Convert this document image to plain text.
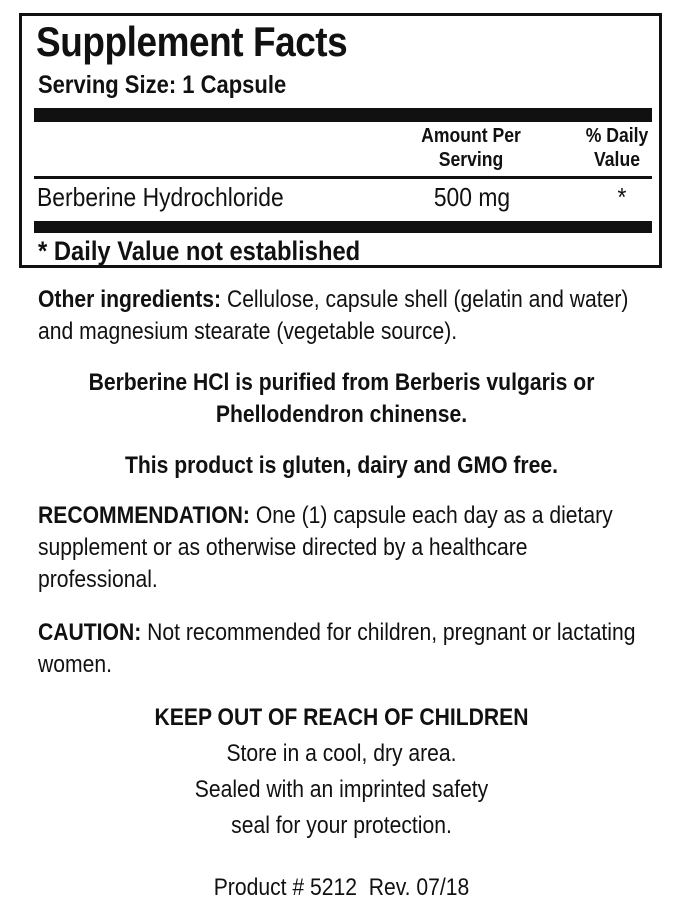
Supplement Facts
Serving Size: 1 Capsule
Amount Per
Serving
% Daily
Value
Berberine Hydrochloride	500 mg	*
* Daily Value not established
Other ingredients: Cellulose, capsule shell (gelatin and water) and magnesium stearate (vegetable source).
Berberine HCl is purified from Berberis vulgaris or Phellodendron chinense.
This product is gluten, dairy and GMO free.
RECOMMENDATION: One (1) capsule each day as a dietary supplement or as otherwise directed by a healthcare professional.
CAUTION: Not recommended for children, pregnant or lactating women.
KEEP OUT OF REACH OF CHILDREN
Store in a cool, dry area.
Sealed with an imprinted safety
seal for your protection.
Product # 5212  Rev. 07/18
